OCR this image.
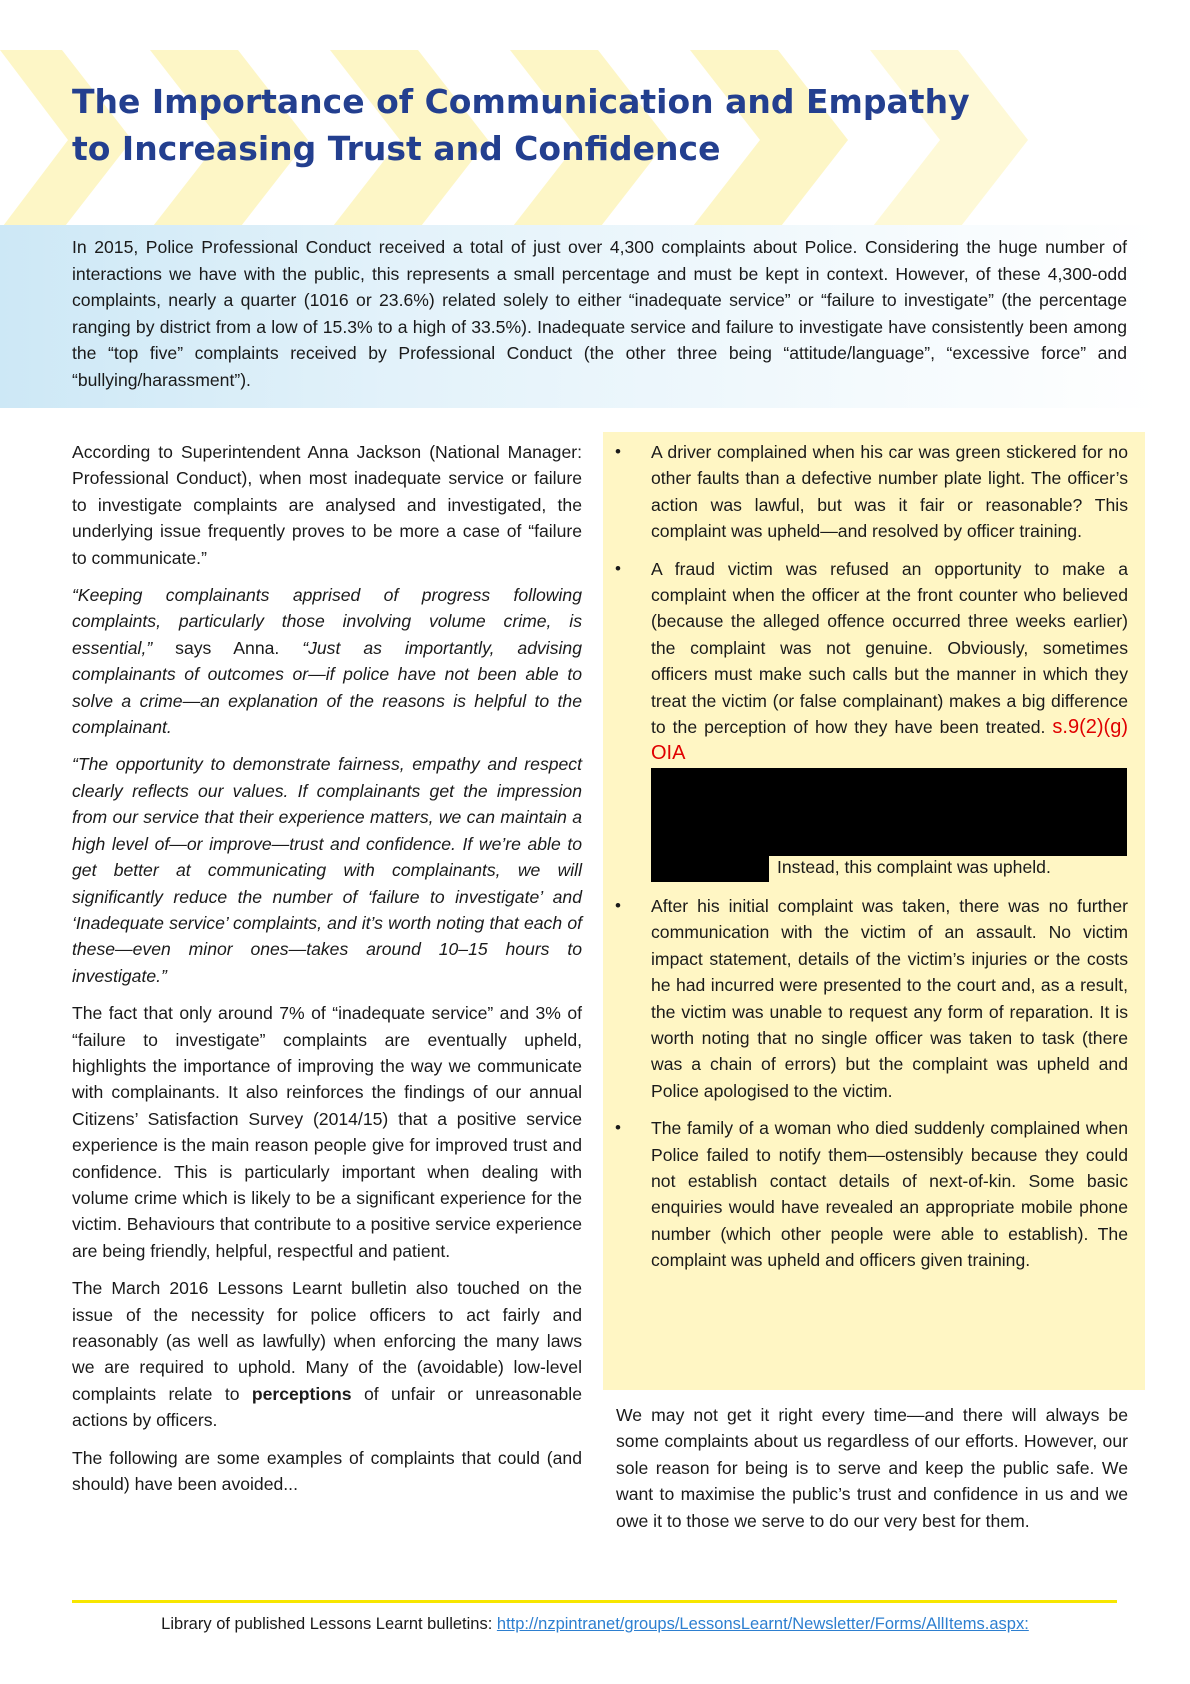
The Importance of Communication and Empathy
to Increasing Trust and Confidence

In 2015, Police Professional Conduct received a total of just over 4,300 complaints about Police. Considering the huge number of interactions we have with the public, this represents a small percentage and must be kept in context. However, of these 4,300-odd complaints, nearly a quarter (1016 or 23.6%) related solely to either “inadequate service” or “failure to investigate” (the percentage ranging by district from a low of 15.3% to a high of 33.5%). Inadequate service and failure to investigate have consistently been among the “top five” complaints received by Professional Conduct (the other three being “attitude/language”, “excessive force” and “bullying/harassment”).

According to Superintendent Anna Jackson (National Manager: Professional Conduct), when most inadequate service or failure to investigate complaints are analysed and investigated, the underlying issue frequently proves to be more a case of “failure to communicate.”

“Keeping complainants apprised of progress following complaints, particularly those involving volume crime, is essential,” says Anna. “Just as importantly, advising complainants of outcomes or—if police have not been able to solve a crime—an explanation of the reasons is helpful to the complainant.

“The opportunity to demonstrate fairness, empathy and respect clearly reflects our values. If complainants get the impression from our service that their experience matters, we can maintain a high level of—or improve—trust and confidence. If we’re able to get better at communicating with complainants, we will significantly reduce the number of ‘failure to investigate’ and ‘Inadequate service’ complaints, and it’s worth noting that each of these—even minor ones—takes around 10–15 hours to investigate.”

The fact that only around 7% of “inadequate service” and 3% of “failure to investigate” complaints are eventually upheld, highlights the importance of improving the way we communicate with complainants. It also reinforces the findings of our annual Citizens’ Satisfaction Survey (2014/15) that a positive service experience is the main reason people give for improved trust and confidence. This is particularly important when dealing with volume crime which is likely to be a significant experience for the victim. Behaviours that contribute to a positive service experience are being friendly, helpful, respectful and patient.

The March 2016 Lessons Learnt bulletin also touched on the issue of the necessity for police officers to act fairly and reasonably (as well as lawfully) when enforcing the many laws we are required to uphold. Many of the (avoidable) low-level complaints relate to perceptions of unfair or unreasonable actions by officers.

The following are some examples of complaints that could (and should) have been avoided...

• A driver complained when his car was green stickered for no other faults than a defective number plate light. The officer’s action was lawful, but was it fair or reasonable? This complaint was upheld—and resolved by officer training.
• A fraud victim was refused an opportunity to make a complaint when the officer at the front counter who believed (because the alleged offence occurred three weeks earlier) the complaint was not genuine. Obviously, sometimes officers must make such calls but the manner in which they treat the victim (or false complainant) makes a big difference to the perception of how they have been treated. s.9(2)(g) OIA
Instead, this complaint was upheld.
• After his initial complaint was taken, there was no further communication with the victim of an assault. No victim impact statement, details of the victim’s injuries or the costs he had incurred were presented to the court and, as a result, the victim was unable to request any form of reparation. It is worth noting that no single officer was taken to task (there was a chain of errors) but the complaint was upheld and Police apologised to the victim.
• The family of a woman who died suddenly complained when Police failed to notify them—ostensibly because they could not establish contact details of next-of-kin. Some basic enquiries would have revealed an appropriate mobile phone number (which other people were able to establish). The complaint was upheld and officers given training.

We may not get it right every time—and there will always be some complaints about us regardless of our efforts. However, our sole reason for being is to serve and keep the public safe. We want to maximise the public’s trust and confidence in us and we owe it to those we serve to do our very best for them.

Library of published Lessons Learnt bulletins: http://nzpintranet/groups/LessonsLearnt/Newsletter/Forms/AllItems.aspx:
